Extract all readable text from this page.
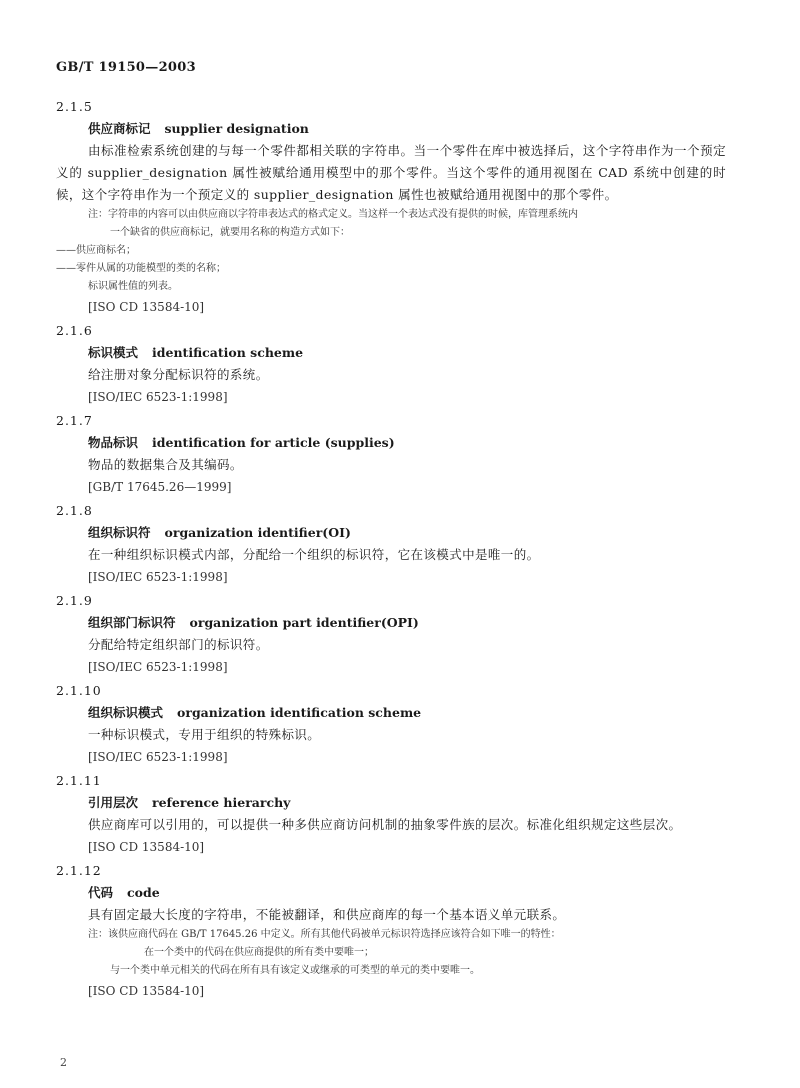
GB/T 19150—2003
2.1.5
供应商标记 supplier designation
由标准检索系统创建的与每一个零件都相关联的字符串。当一个零件在库中被选择后，这个字符串作为一个预定义的 supplier_designation 属性被赋给通用模型中的那个零件。当这个零件的通用视图在 CAD 系统中创建的时候，这个字符串作为一个预定义的 supplier_designation 属性也被赋给通用视图中的那个零件。
注：字符串的内容可以由供应商以字符串表达式的格式定义。当这样一个表达式没有提供的时候，库管理系统内
一个缺省的供应商标记，就要用名称的构造方式如下：
——供应商标名；
——零件从属的功能模型的类的名称；
标识属性值的列表。
[ISO CD 13584-10]
2.1.6
标识模式 identification scheme
给注册对象分配标识符的系统。
[ISO/IEC 6523-1:1998]
2.1.7
物品标识 identification for article (supplies)
物品的数据集合及其编码。
[GB/T 17645.26—1999]
2.1.8
组织标识符 organization identifier(OI)
在一种组织标识模式内部，分配给一个组织的标识符，它在该模式中是唯一的。
[ISO/IEC 6523-1:1998]
2.1.9
组织部门标识符 organization part identifier(OPI)
分配给特定组织部门的标识符。
[ISO/IEC 6523-1:1998]
2.1.10
组织标识模式 organization identification scheme
一种标识模式，专用于组织的特殊标识。
[ISO/IEC 6523-1:1998]
2.1.11
引用层次 reference hierarchy
供应商库可以引用的，可以提供一种多供应商访问机制的抽象零件族的层次。标准化组织规定这些层次。
[ISO CD 13584-10]
2.1.12
代码 code
具有固定最大长度的字符串，不能被翻译，和供应商库的每一个基本语义单元联系。
注：该供应商代码在 GB/T 17645.26 中定义。所有其他代码被单元标识符选择应该符合如下唯一的特性：
在一个类中的代码在供应商提供的所有类中要唯一；
与一个类中单元相关的代码在所有具有该定义或继承的可类型的单元的类中要唯一。
[ISO CD 13584-10]
2
